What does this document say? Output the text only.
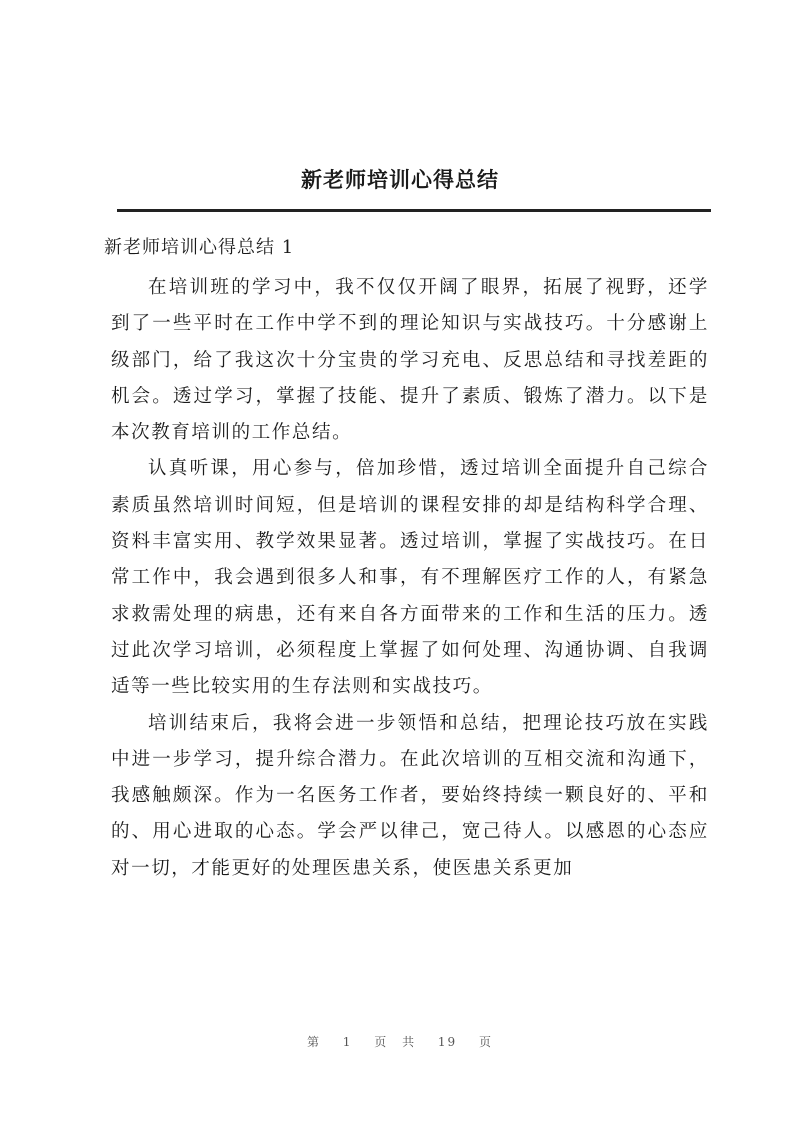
新老师培训心得总结
新老师培训心得总结 1

在培训班的学习中，我不仅仅开阔了眼界，拓展了视野，还学到了一些平时在工作中学不到的理论知识与实战技巧。十分感谢上级部门，给了我这次十分宝贵的学习充电、反思总结和寻找差距的机会。透过学习，掌握了技能、提升了素质、锻炼了潜力。以下是本次教育培训的工作总结。

认真听课，用心参与，倍加珍惜，透过培训全面提升自己综合素质虽然培训时间短，但是培训的课程安排的却是结构科学合理、资料丰富实用、教学效果显著。透过培训，掌握了实战技巧。在日常工作中，我会遇到很多人和事，有不理解医疗工作的人，有紧急求救需处理的病患，还有来自各方面带来的工作和生活的压力。透过此次学习培训，必须程度上掌握了如何处理、沟通协调、自我调适等一些比较实用的生存法则和实战技巧。

培训结束后，我将会进一步领悟和总结，把理论技巧放在实践中进一步学习，提升综合潜力。在此次培训的互相交流和沟通下，我感触颇深。作为一名医务工作者，要始终持续一颗良好的、平和的、用心进取的心态。学会严以律己，宽己待人。以感恩的心态应对一切，才能更好的处理医患关系，使医患关系更加

第 1 页 共 19 页
